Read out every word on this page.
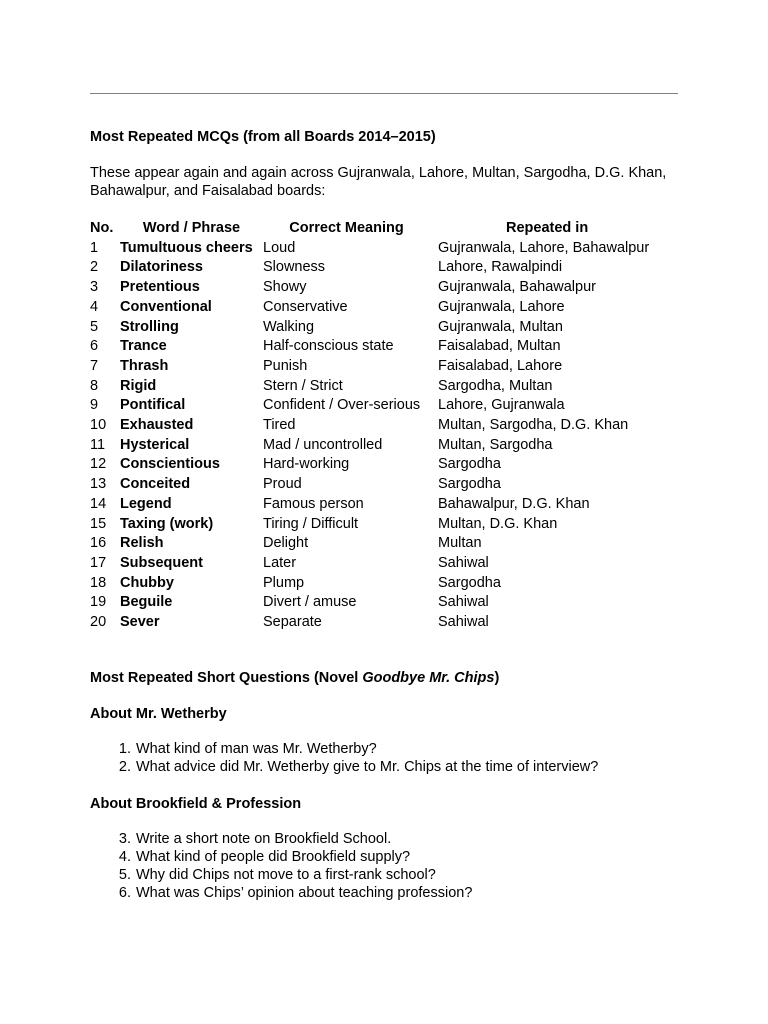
Most Repeated MCQs (from all Boards 2014–2015)
These appear again and again across Gujranwala, Lahore, Multan, Sargodha, D.G. Khan, Bahawalpur, and Faisalabad boards:
No.	Word / Phrase	Correct Meaning	Repeated in
1	Tumultuous cheers	Loud	Gujranwala, Lahore, Bahawalpur
2	Dilatoriness	Slowness	Lahore, Rawalpindi
3	Pretentious	Showy	Gujranwala, Bahawalpur
4	Conventional	Conservative	Gujranwala, Lahore
5	Strolling	Walking	Gujranwala, Multan
6	Trance	Half-conscious state	Faisalabad, Multan
7	Thrash	Punish	Faisalabad, Lahore
8	Rigid	Stern / Strict	Sargodha, Multan
9	Pontifical	Confident / Over-serious	Lahore, Gujranwala
10	Exhausted	Tired	Multan, Sargodha, D.G. Khan
11	Hysterical	Mad / uncontrolled	Multan, Sargodha
12	Conscientious	Hard-working	Sargodha
13	Conceited	Proud	Sargodha
14	Legend	Famous person	Bahawalpur, D.G. Khan
15	Taxing (work)	Tiring / Difficult	Multan, D.G. Khan
16	Relish	Delight	Multan
17	Subsequent	Later	Sahiwal
18	Chubby	Plump	Sargodha
19	Beguile	Divert / amuse	Sahiwal
20	Sever	Separate	Sahiwal
Most Repeated Short Questions (Novel Goodbye Mr. Chips)
About Mr. Wetherby
1. What kind of man was Mr. Wetherby?
2. What advice did Mr. Wetherby give to Mr. Chips at the time of interview?
About Brookfield & Profession
3. Write a short note on Brookfield School.
4. What kind of people did Brookfield supply?
5. Why did Chips not move to a first-rank school?
6. What was Chips’ opinion about teaching profession?
